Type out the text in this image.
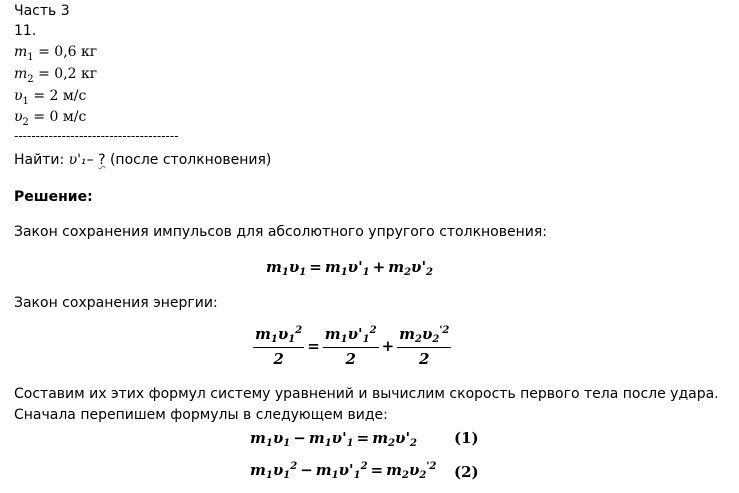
Часть 3
11.
$m_1 = 0,6$ кг
$m_2 = 0,2$ кг
$\upsilon_1 = 2$ м/с
$\upsilon_2 = 0$ м/с
--------------------------------------
Найти: υ'₁– ? (после столкновения)
Решение:
Закон сохранения импульсов для абсолютного упругого столкновения:
$m_1\upsilon_1 = m_1\upsilon'_1 + m_2\upsilon'_2$
Закон сохранения энергии:
$\frac{m_1\upsilon_1^2}{2} = \frac{m_1\upsilon'_1^2}{2} + \frac{m_2\upsilon_2^{'2}}{2}$
Составим их этих формул систему уравнений и вычислим скорость первого тела после удара.
Сначала перепишем формулы в следующем виде:
$m_1\upsilon_1 - m_1\upsilon'_1 = m_2\upsilon'_2$ (1)
$m_1\upsilon_1^2 - m_1\upsilon'_1^2 = m_2\upsilon_2^{'2}$ (2)
